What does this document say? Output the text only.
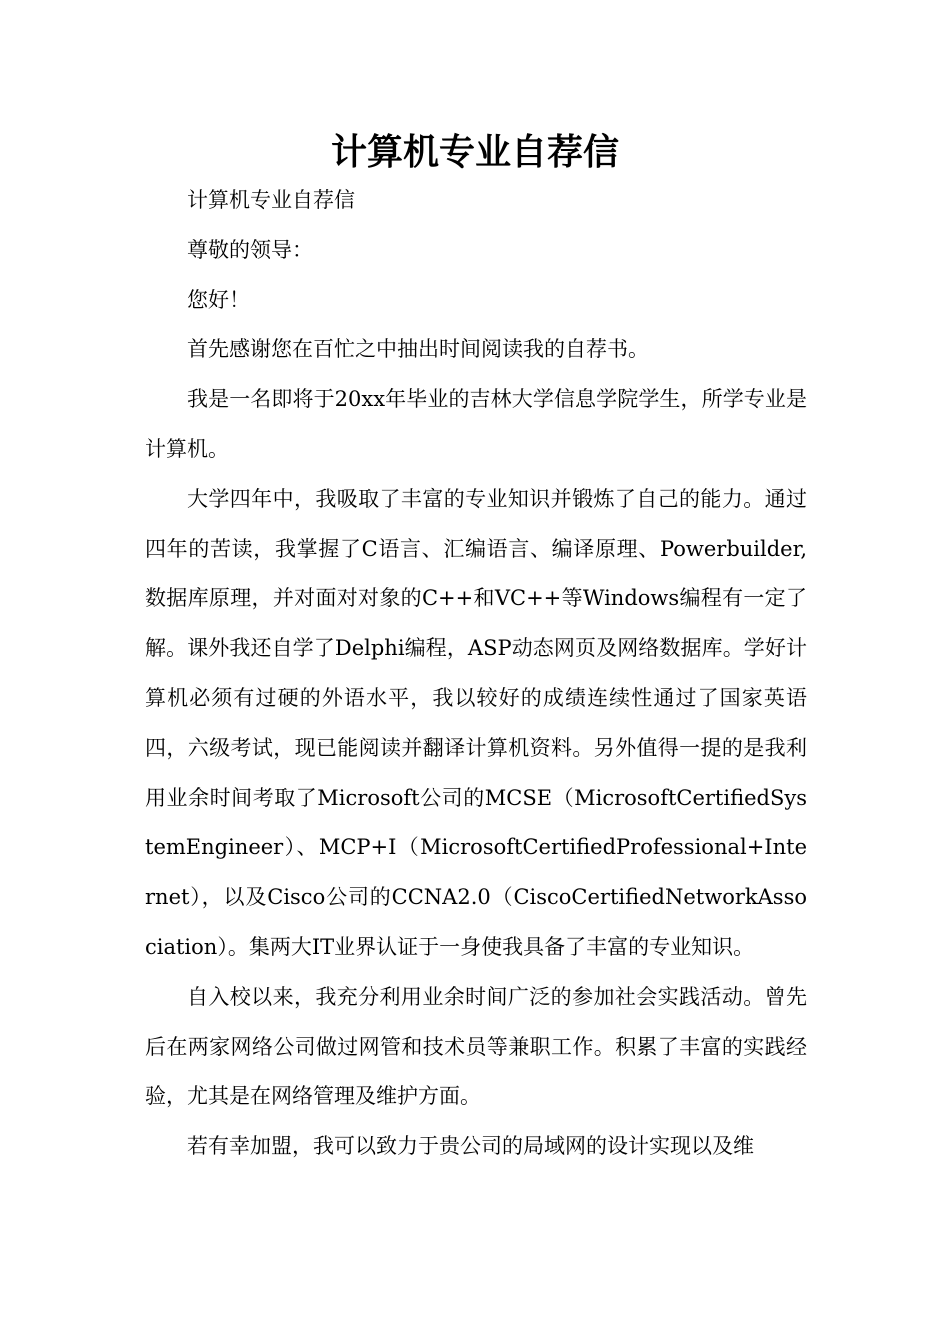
计算机专业自荐信

计算机专业自荐信

尊敬的领导：

您好！

首先感谢您在百忙之中抽出时间阅读我的自荐书。

我是一名即将于20xx年毕业的吉林大学信息学院学生，所学专业是计算机。

大学四年中，我吸取了丰富的专业知识并锻炼了自己的能力。通过四年的苦读，我掌握了C语言、汇编语言、编译原理、Powerbuilder,数据库原理，并对面对对象的C++和VC++等Windows编程有一定了解。课外我还自学了Delphi编程，ASP动态网页及网络数据库。学好计算机必须有过硬的外语水平，我以较好的成绩连续性通过了国家英语四，六级考试，现已能阅读并翻译计算机资料。另外值得一提的是我利用业余时间考取了Microsoft公司的MCSE（MicrosoftCertifiedSystemEngineer）、MCP+I（MicrosoftCertifiedProfessional+Internet），以及Cisco公司的CCNA2.0（CiscoCertifiedNetworkAssociation）。集两大IT业界认证于一身使我具备了丰富的专业知识。

自入校以来，我充分利用业余时间广泛的参加社会实践活动。曾先后在两家网络公司做过网管和技术员等兼职工作。积累了丰富的实践经验，尤其是在网络管理及维护方面。

若有幸加盟，我可以致力于贵公司的局域网的设计实现以及维
